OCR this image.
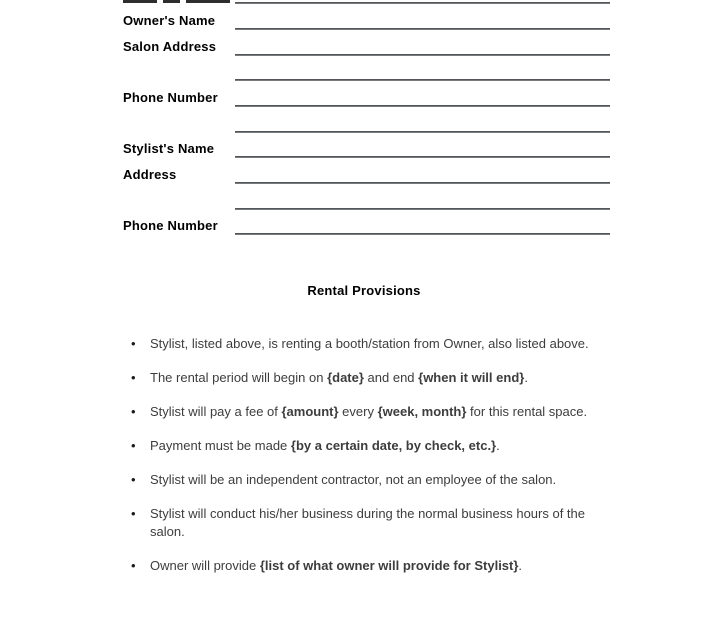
Owner's Name
Salon Address
Phone Number
Stylist's Name
Address
Phone Number
Rental Provisions
•	Stylist, listed above, is renting a booth/station from Owner, also listed above.
•	The rental period will begin on {date} and end {when it will end}.
•	Stylist will pay a fee of {amount} every {week, month} for this rental space.
•	Payment must be made {by a certain date, by check, etc.}.
•	Stylist will be an independent contractor, not an employee of the salon.
•	Stylist will conduct his/her business during the normal business hours of the salon.
•	Owner will provide {list of what owner will provide for Stylist}.
